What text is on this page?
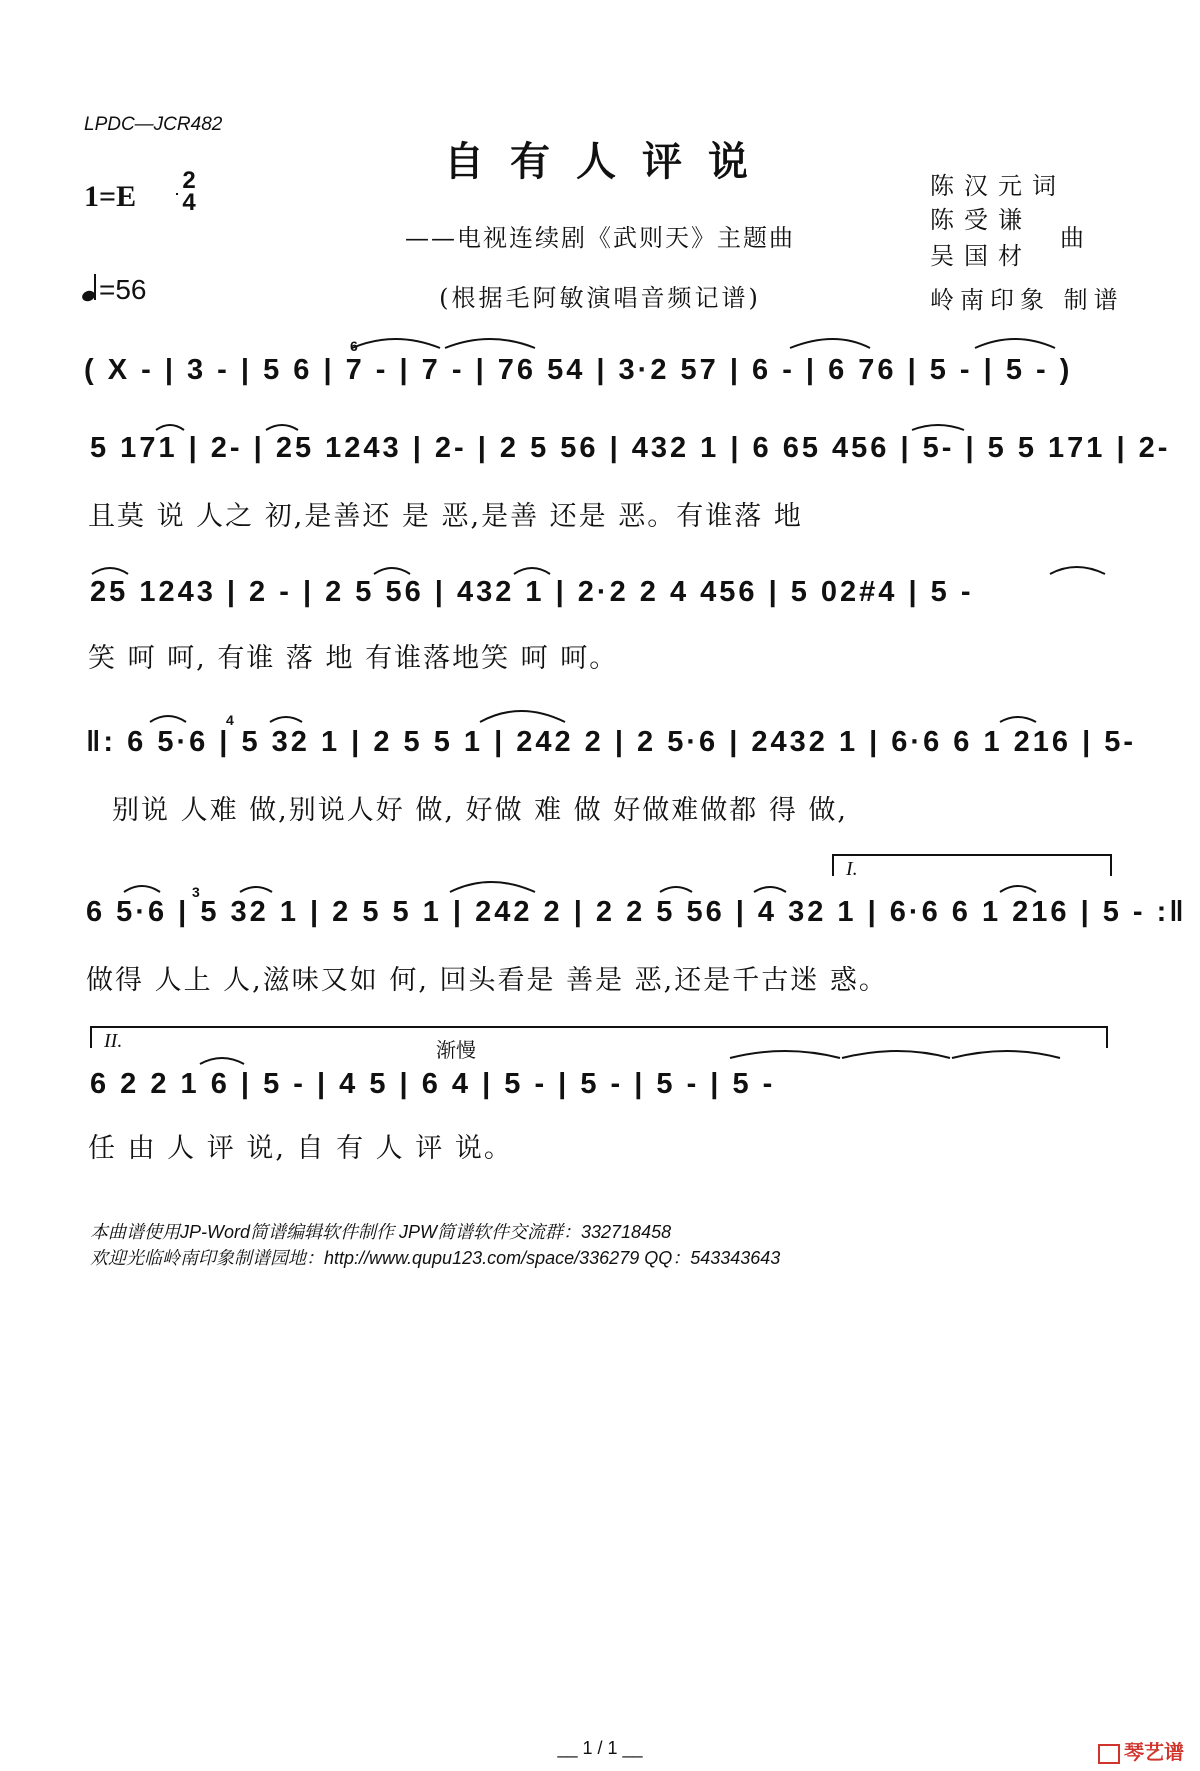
LPDC—JCR482
自有人评说
——电视连续剧《武则天》主题曲
(根据毛阿敏演唱音频记谱)
1=E 2
4
=56
陈汉元词
陈受谦
吴国材
曲
岭南印象 制谱
( X - | 3 - | 5 6 | 7 - | 7 - | 76 54 | 3·2 57 | 6 - | 6 76 | 5 - | 5 - )
6
5 171 | 2- | 25 1243 | 2- | 2 5 56 | 432 1 | 6 65 456 | 5- | 5 5 171 | 2-
且莫 说 人之 初,是善还 是 恶,是善 还是 恶。有谁落 地
25 1243 | 2 - | 2 5 56 | 432 1 | 2·2 2 4 456 | 5 02#4 | 5 -
笑 呵 呵, 有谁 落 地 有谁落地笑 呵 呵。
‖: 6 5·6 | 5 32 1 | 2 5 5 1 | 242 2 | 2 5·6 | 2432 1 | 6·6 6 1 216 | 5-
4
别说 人难 做,别说人好 做, 好做 难 做 好做难做都 得 做,
I.
6 5·6 | 5 32 1 | 2 5 5 1 | 242 2 | 2 2 5 56 | 4 32 1 | 6·6 6 1 216 | 5 - :‖
3
做得 人上 人,滋味又如 何, 回头看是 善是 恶,还是千古迷 惑。
II.	渐慢
6 2 2 1 6 | 5 - | 4 5 | 6 4 | 5 - | 5 - | 5 - | 5 -
任 由 人 评 说, 自 有 人 评 说。
本曲谱使用JP-Word简谱编辑软件制作 JPW简谱软件交流群：332718458
欢迎光临岭南印象制谱园地：http://www.qupu123.com/space/336279 QQ：543343643
__ 1 / 1 __	琴艺谱
